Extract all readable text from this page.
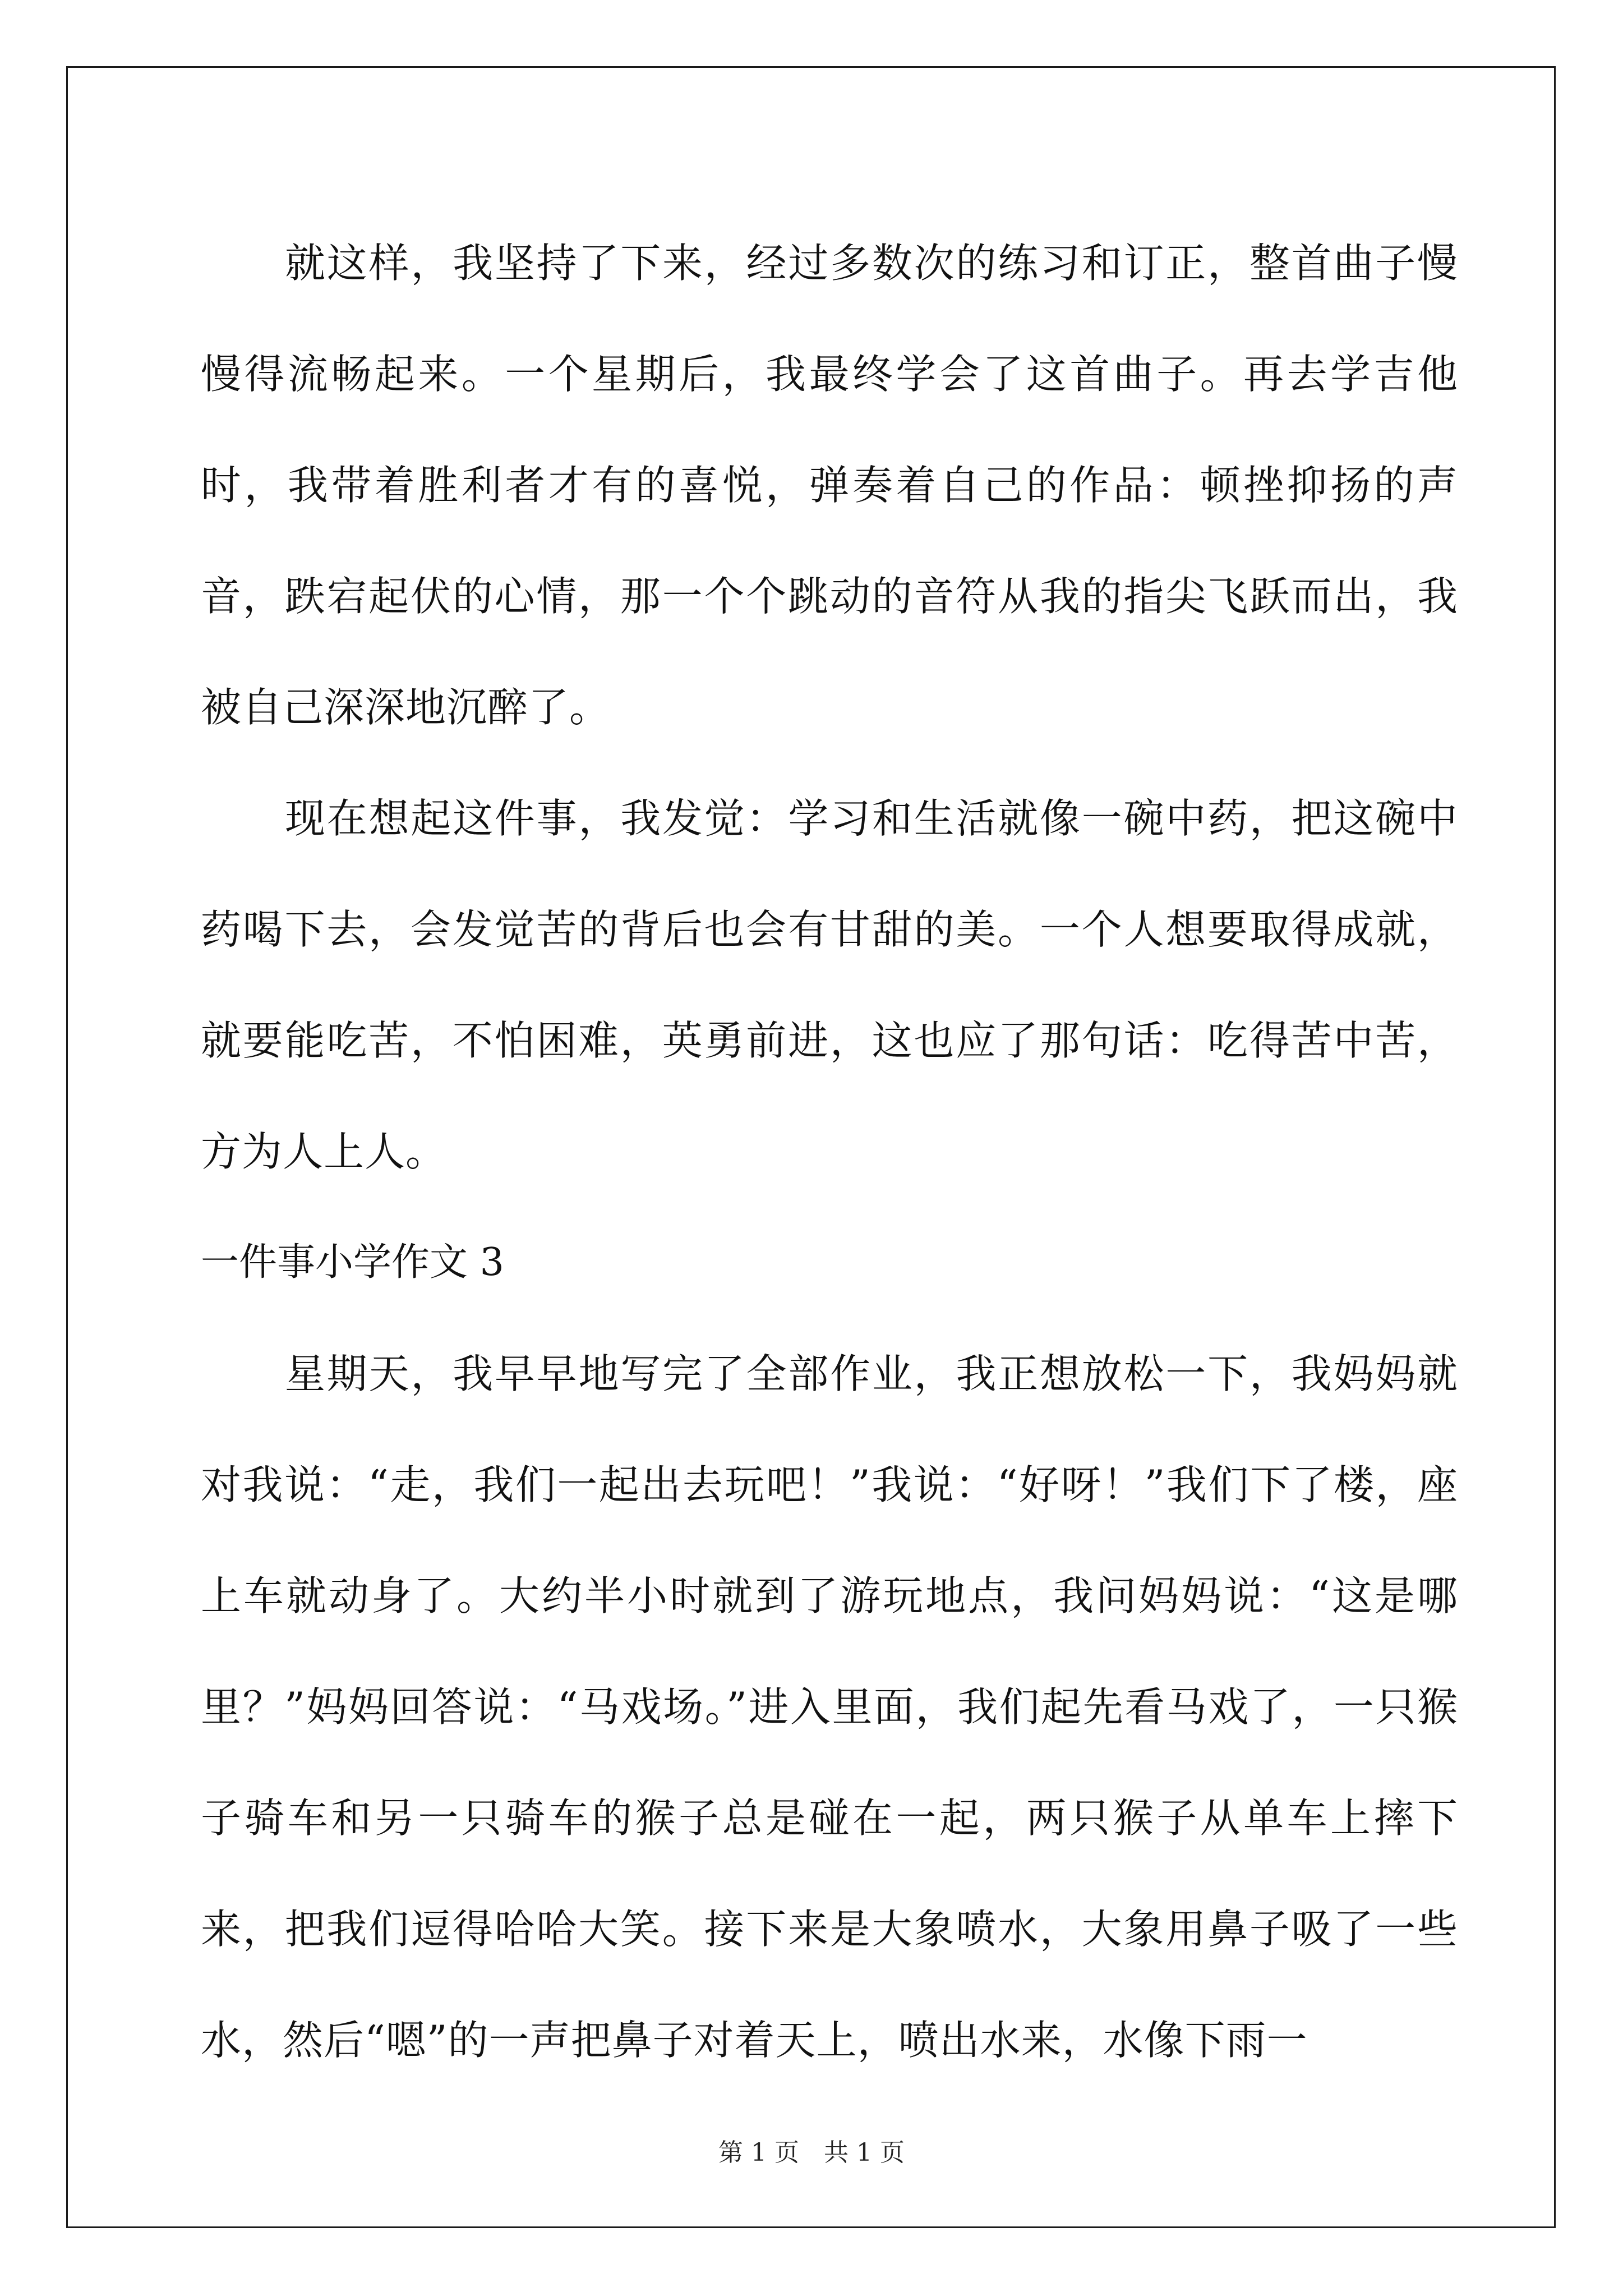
就这样，我坚持了下来，经过多数次的练习和订正，整首曲子慢慢得流畅起来。一个星期后，我最终学会了这首曲子。再去学吉他时，我带着胜利者才有的喜悦，弹奏着自己的作品：顿挫抑扬的声音，跌宕起伏的心情，那一个个跳动的音符从我的指尖飞跃而出，我被自己深深地沉醉了。

现在想起这件事，我发觉：学习和生活就像一碗中药，把这碗中药喝下去，会发觉苦的背后也会有甘甜的美。一个人想要取得成就，就要能吃苦，不怕困难，英勇前进，这也应了那句话：吃得苦中苦，方为人上人。

一件事小学作文 3

星期天，我早早地写完了全部作业，我正想放松一下，我妈妈就对我说：“走，我们一起出去玩吧！”我说：“好呀！”我们下了楼，座上车就动身了。大约半小时就到了游玩地点，我问妈妈说：“这是哪里？”妈妈回答说：“马戏场。”进入里面，我们起先看马戏了，一只猴子骑车和另一只骑车的猴子总是碰在一起，两只猴子从单车上摔下来，把我们逗得哈哈大笑。接下来是大象喷水，大象用鼻子吸了一些水，然后“嗯”的一声把鼻子对着天上，喷出水来，水像下雨一

第 1 页　共 1 页
